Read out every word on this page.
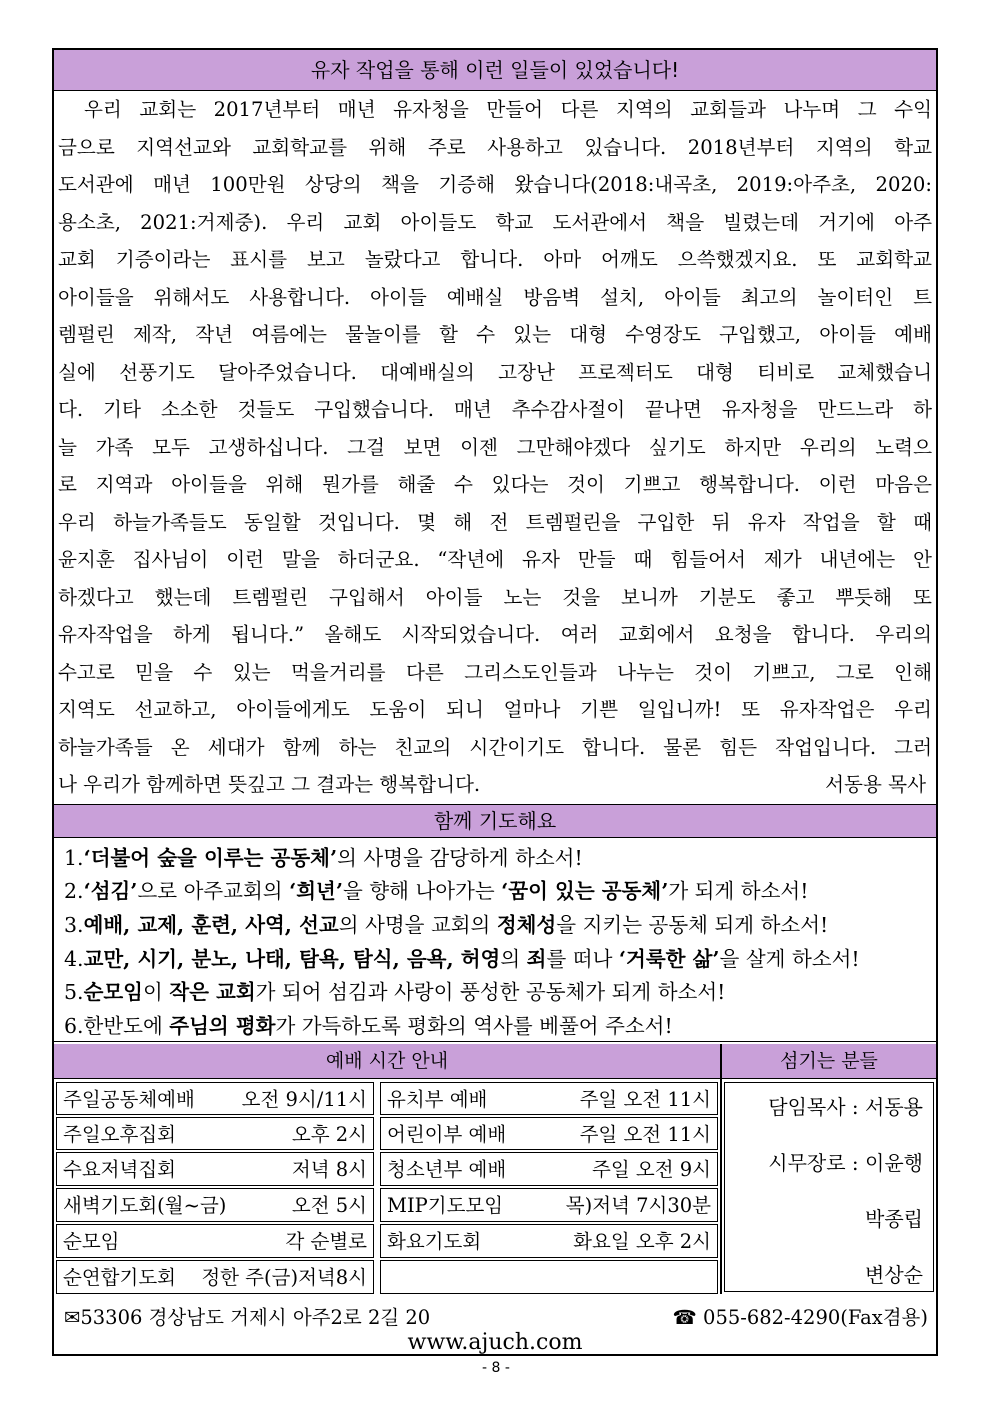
유자 작업을 통해 이런 일들이 있었습니다!
우리 교회는 2017년부터 매년 유자청을 만들어 다른 지역의 교회들과 나누며 그 수익
금으로 지역선교와 교회학교를 위해 주로 사용하고 있습니다. 2018년부터 지역의 학교
도서관에 매년 100만원 상당의 책을 기증해 왔습니다(2018:내곡초, 2019:아주초, 2020:
용소초, 2021:거제중). 우리 교회 아이들도 학교 도서관에서 책을 빌렸는데 거기에 아주
교회 기증이라는 표시를 보고 놀랐다고 합니다. 아마 어깨도 으쓱했겠지요. 또 교회학교
아이들을 위해서도 사용합니다. 아이들 예배실 방음벽 설치, 아이들 최고의 놀이터인 트
렘펄린 제작, 작년 여름에는 물놀이를 할 수 있는 대형 수영장도 구입했고, 아이들 예배
실에 선풍기도 달아주었습니다. 대예배실의 고장난 프로젝터도 대형 티비로 교체했습니
다. 기타 소소한 것들도 구입했습니다. 매년 추수감사절이 끝나면 유자청을 만드느라 하
늘 가족 모두 고생하십니다. 그걸 보면 이젠 그만해야겠다 싶기도 하지만 우리의 노력으
로 지역과 아이들을 위해 뭔가를 해줄 수 있다는 것이 기쁘고 행복합니다. 이런 마음은
우리 하늘가족들도 동일할 것입니다. 몇 해 전 트렘펄린을 구입한 뒤 유자 작업을 할 때
윤지훈 집사님이 이런 말을 하더군요. “작년에 유자 만들 때 힘들어서 제가 내년에는 안
하겠다고 했는데 트렘펄린 구입해서 아이들 노는 것을 보니까 기분도 좋고 뿌듯해 또
유자작업을 하게 됩니다.” 올해도 시작되었습니다. 여러 교회에서 요청을 합니다. 우리의
수고로 믿을 수 있는 먹을거리를 다른 그리스도인들과 나누는 것이 기쁘고, 그로 인해
지역도 선교하고, 아이들에게도 도움이 되니 얼마나 기쁜 일입니까! 또 유자작업은 우리
하늘가족들 온 세대가 함께 하는 친교의 시간이기도 합니다. 물론 힘든 작업입니다. 그러
나 우리가 함께하면 뜻깊고 그 결과는 행복합니다.	서동용 목사
함께 기도해요
1.‘더불어 숲을 이루는 공동체’의 사명을 감당하게 하소서!
2.‘섬김’으로 아주교회의 ‘희년’을 향해 나아가는 ‘꿈이 있는 공동체’가 되게 하소서!
3.예배, 교제, 훈련, 사역, 선교의 사명을 교회의 정체성을 지키는 공동체 되게 하소서!
4.교만, 시기, 분노, 나태, 탐욕, 탐식, 음욕, 허영의 죄를 떠나 ‘거룩한 삶’을 살게 하소서!
5.순모임이 작은 교회가 되어 섬김과 사랑이 풍성한 공동체가 되게 하소서!
6.한반도에 주님의 평화가 가득하도록 평화의 역사를 베풀어 주소서!
예배 시간 안내
주일공동체예배 오전 9시/11시
주일오후집회	오후 2시
수요저녁집회	저녁 8시
새벽기도회(월~금)	오전 5시
순모임	각 순별로
순연합기도회 정한 주(금)저녁8시
유치부 예배	주일 오전 11시
어린이부 예배	주일 오전 11시
청소년부 예배	주일 오전 9시
MIP기도모임	목)저녁 7시30분
화요기도회	화요일 오후 2시
섬기는 분들
담임목사 : 서동용
시무장로 : 이윤행
박종립
변상순
✉53306 경상남도 거제시 아주2로 2길 20	☎ 055-682-4290(Fax겸용)
www.ajuch.com
- 8 -
